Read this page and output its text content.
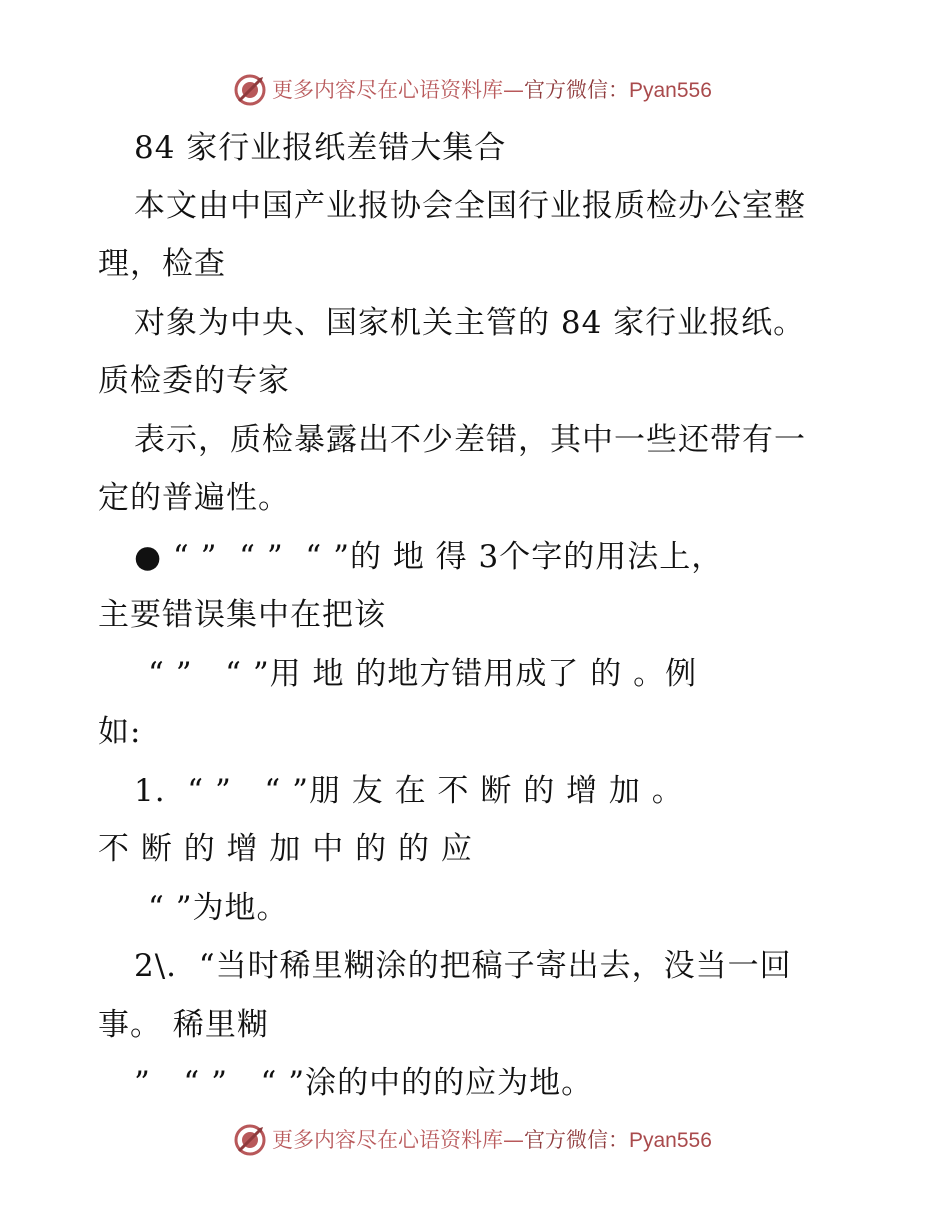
更多内容尽在心语资料库—官方微信：Pyan556
84 家行业报纸差错大集合
本文由中国产业报协会全国行业报质检办公室整
理，检查
对象为中央、国家机关主管的 84 家行业报纸。
质检委的专家
表示，质检暴露出不少差错，其中一些还带有一
定的普遍性。
● “ ”  “ ”  “ ”的 地 得 3个字的用法上，
主要错误集中在把该
“ ”   “ ”用 地 的地方错用成了 的 。例
如:
1.  “ ”   “ ”朋 友 在 不 断 的 增 加 。
不 断 的 增 加 中 的 的 应
“ ”为地。
2\.  “当时稀里糊涂的把稿子寄出去，没当一回
事。 稀里糊
”   “ ”   “ ”涂的中的的应为地。
更多内容尽在心语资料库—官方微信：Pyan556
